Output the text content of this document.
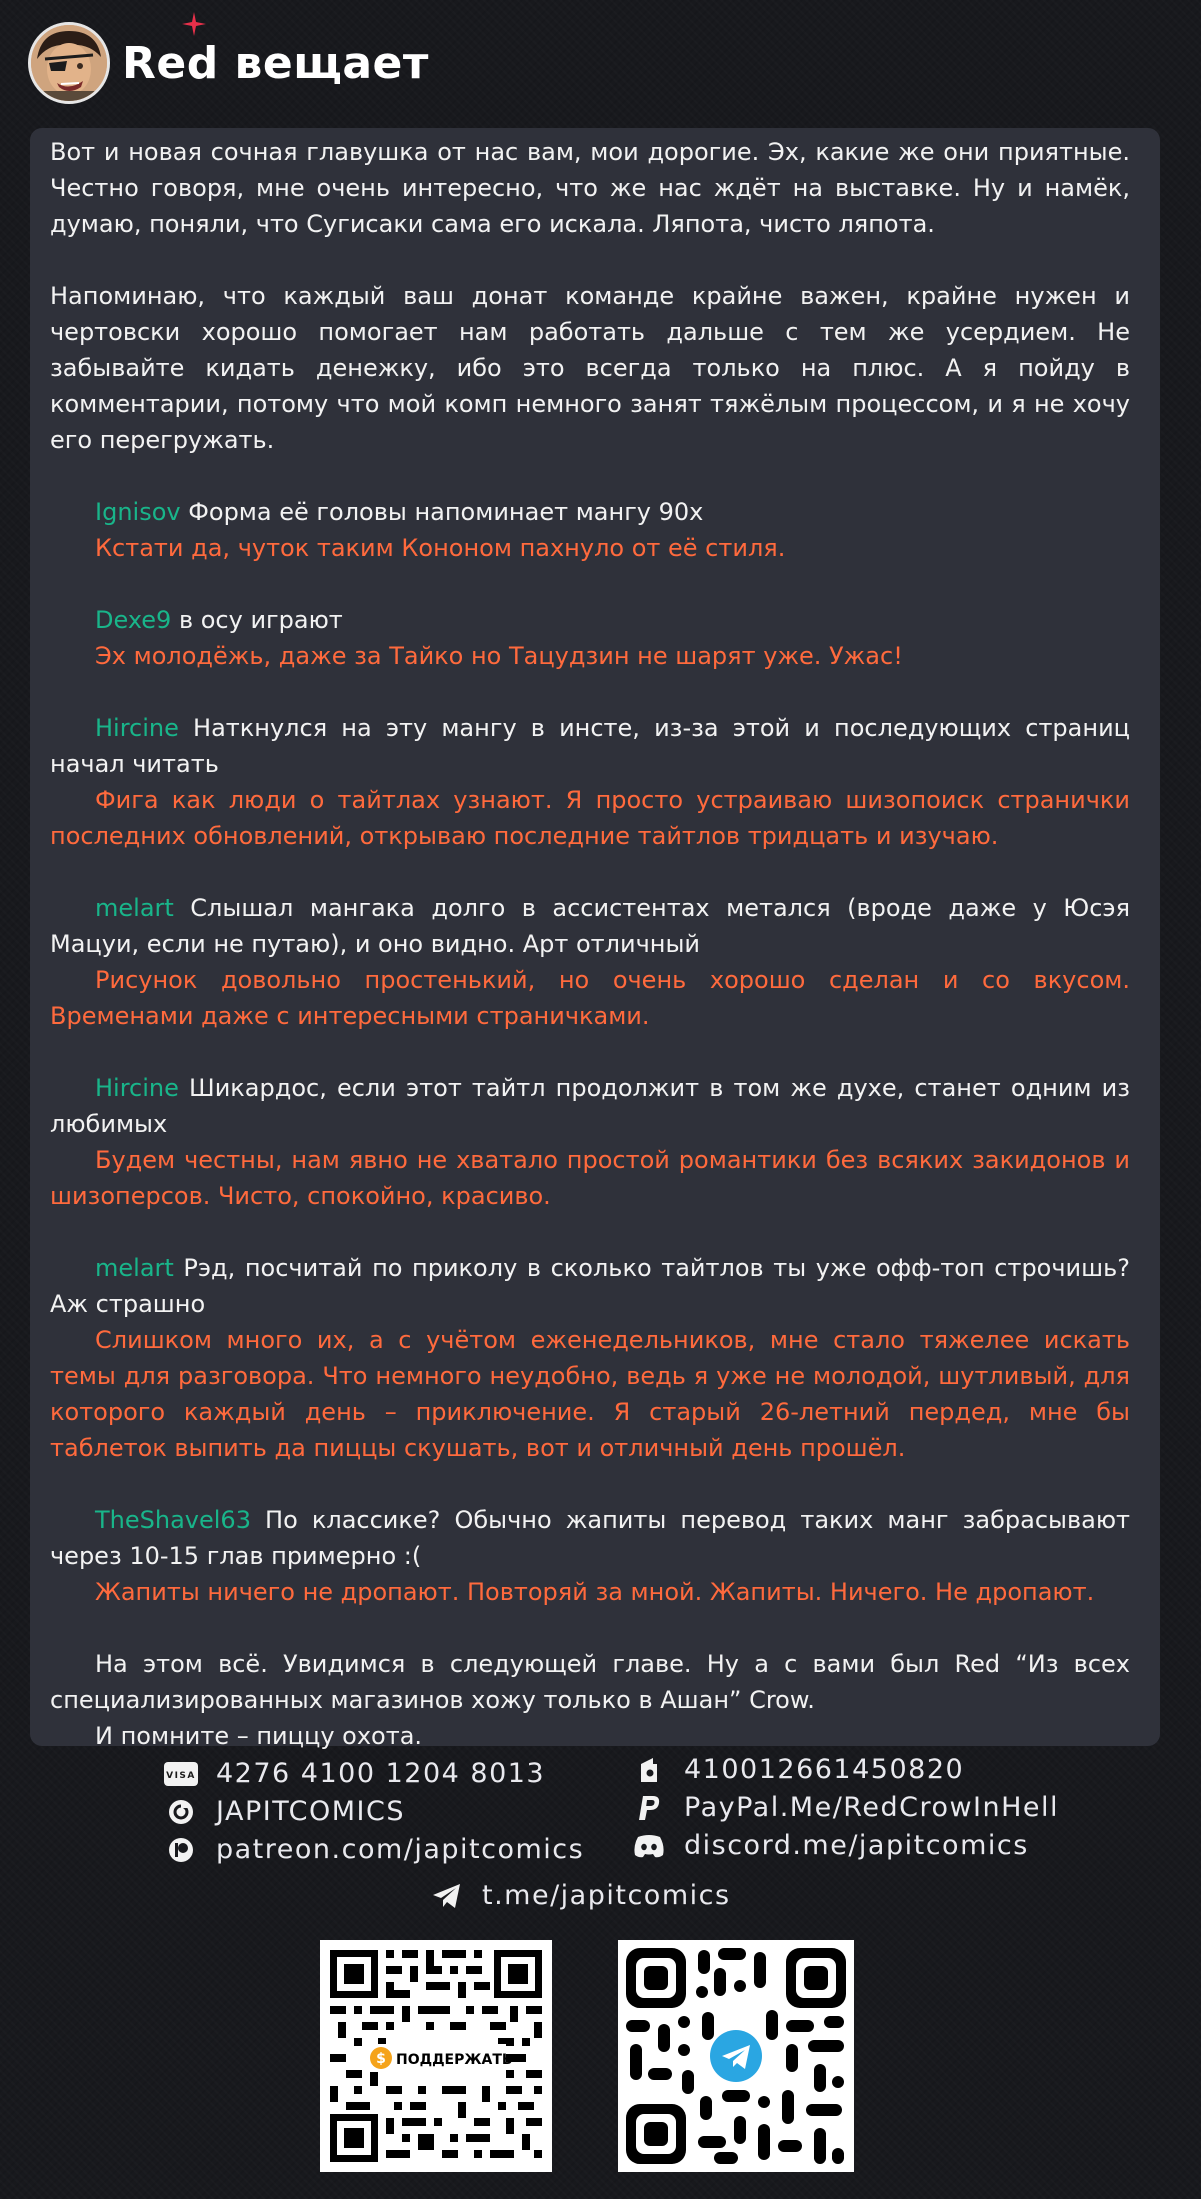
Red вещает

Вот и новая сочная главушка от нас вам, мои дорогие. Эх, какие же они приятные. Честно говоря, мне очень интересно, что же нас ждёт на выставке. Ну и намёк, думаю, поняли, что Сугисаки сама его искала. Ляпота, чисто ляпота.

Напоминаю, что каждый ваш донат команде крайне важен, крайне нужен и чертовски хорошо помогает нам работать дальше с тем же усердием. Не забывайте кидать денежку, ибо это всегда только на плюс. А я пойду в комментарии, потому что мой комп немного занят тяжёлым процессом, и я не хочу его перегружать.

Ignisov Форма её головы напоминает мангу 90х

Кстати да, чуток таким Кононом пахнуло от её стиля.

Dexe9 в осу играют

Эх молодёжь, даже за Тайко но Тацудзин не шарят уже. Ужас!

Hircine Наткнулся на эту мангу в инсте, из-за этой и последующих страниц начал читать

Фига как люди о тайтлах узнают. Я просто устраиваю шизопоиск странички последних обновлений, открываю последние тайтлов тридцать и изучаю.

melart Слышал мангака долго в ассистентах метался (вроде даже у Юсэя Мацуи, если не путаю), и оно видно. Арт отличный

Рисунок довольно простенький, но очень хорошо сделан и со вкусом. Временами даже с интересными страничками.

Hircine Шикардос, если этот тайтл продолжит в том же духе, станет одним из любимых

Будем честны, нам явно не хватало простой романтики без всяких закидонов и шизоперсов. Чисто, спокойно, красиво.

melart Рэд, посчитай по приколу в сколько тайтлов ты уже офф-топ строчишь? Аж страшно

Слишком много их, а с учётом еженедельников, мне стало тяжелее искать темы для разговора. Что немного неудобно, ведь я уже не молодой, шутливый, для которого каждый день – приключение. Я старый 26-летний пердед, мне бы таблеток выпить да пиццы скушать, вот и отличный день прошёл.

TheShavel63 По классике? Обычно жапиты перевод таких манг забрасывают через 10-15 глав примерно :(

Жапиты ничего не дропают. Повторяй за мной. Жапиты. Ничего. Не дропают.

На этом всё. Увидимся в следующей главе. Ну а с вами был Red “Из всех специализированных магазинов хожу только в Ашан” Crow.

И помните – пиццу охота.

VISA 4276 4100 1204 8013
JAPITCOMICS
patreon.com/japitcomics
410012661450820
PayPal.Me/RedCrowInHell
discord.me/japitcomics
t.me/japitcomics
$ ПОДДЕРЖАТЬ
